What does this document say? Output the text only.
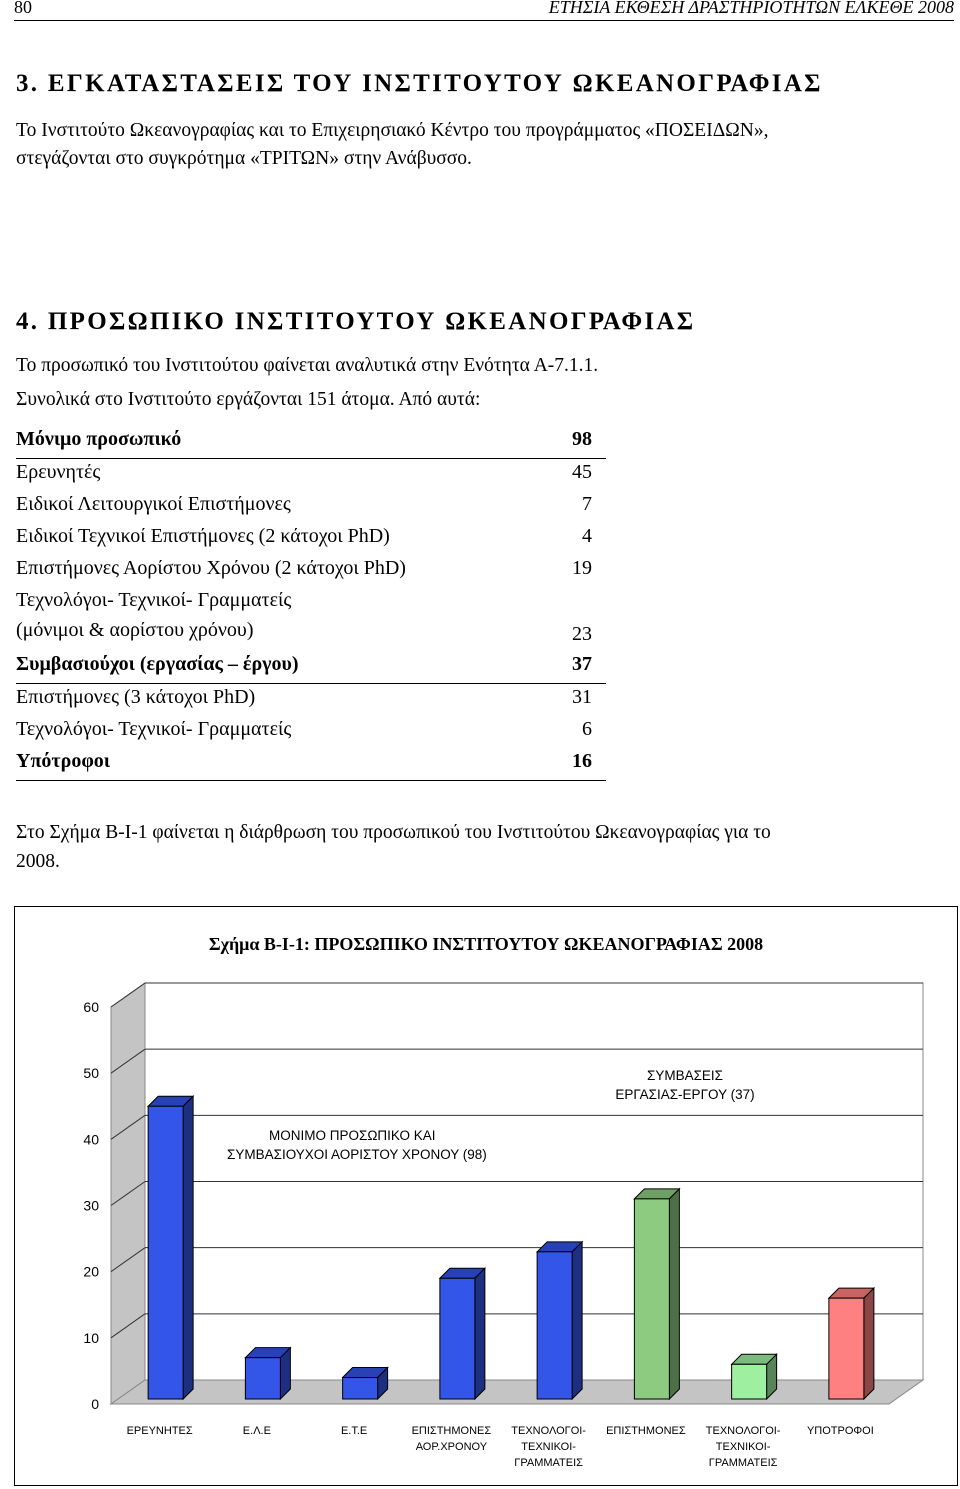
80	ΕΤΗΣΙΑ ΕΚΘΕΣΗ ΔΡΑΣΤΗΡΙΟΤΗΤΩΝ ΕΛΚΕΘΕ 2008
3. ΕΓΚΑΤΑΣΤΑΣΕΙΣ ΤΟΥ ΙΝΣΤΙΤΟΥΤΟΥ ΩΚΕΑΝΟΓΡΑΦΙΑΣ
Το Ινστιτούτο Ωκεανογραφίας και το Επιχειρησιακό Κέντρο του προγράμματος «ΠΟΣΕΙΔΩΝ»,
στεγάζονται στο συγκρότημα «ΤΡΙΤΩΝ» στην Ανάβυσσο.
4. ΠΡΟΣΩΠΙΚΟ ΙΝΣΤΙΤΟΥΤΟΥ ΩΚΕΑΝΟΓΡΑΦΙΑΣ
Το προσωπικό του Ινστιτούτου φαίνεται αναλυτικά στην Ενότητα Α-7.1.1.
Συνολικά στο Ινστιτούτο εργάζονται 151 άτομα. Από αυτά:
Μόνιμο προσωπικό	98
Ερευνητές	45
Ειδικοί Λειτουργικοί Επιστήμονες	7
Ειδικοί Τεχνικοί Επιστήμονες (2 κάτοχοι PhD)	4
Επιστήμονες Αορίστου Χρόνου (2 κάτοχοι PhD)	19
Τεχνολόγοι- Τεχνικοί- Γραμματείς
(μόνιμοι & αορίστου χρόνου)	23
Συμβασιούχοι (εργασίας – έργου)	37
Επιστήμονες (3 κάτοχοι PhD)	31
Τεχνολόγοι- Τεχνικοί- Γραμματείς	6
Υπότροφοι	16
Στο Σχήμα Β-Ι-1 φαίνεται η διάρθρωση του προσωπικού του Ινστιτούτου Ωκεανογραφίας για το
2008.
Σχήμα Β-Ι-1: ΠΡΟΣΩΠΙΚΟ ΙΝΣΤΙΤΟΥΤΟΥ ΩΚΕΑΝΟΓΡΑΦΙΑΣ 2008
0
10
20
30
40
50
60
ΕΡΕΥΝΗΤΕΣ	Ε.Λ.Ε	Ε.Τ.Ε	ΕΠΙΣΤΗΜΟΝΕΣ
ΑΟΡ.ΧΡΟΝΟΥ
ΤΕΧΝΟΛΟΓΟΙ-
ΤΕΧΝΙΚΟΙ-
ΓΡΑΜΜΑΤΕΙΣ
ΕΠΙΣΤΗΜΟΝΕΣ ΤΕΧΝΟΛΟΓΟΙ-
ΤΕΧΝΙΚΟΙ-
ΓΡΑΜΜΑΤΕΙΣ
ΥΠΟΤΡΟΦΟΙ
ΜΟΝΙΜΟ ΠΡΟΣΩΠΙΚΟ ΚΑΙ
ΣΥΜΒΑΣΙΟΥΧΟΙ ΑΟΡΙΣΤΟΥ ΧΡΟΝΟΥ (98)
ΣΥΜΒΑΣΕΙΣ
ΕΡΓΑΣΙΑΣ-ΕΡΓΟΥ (37)
